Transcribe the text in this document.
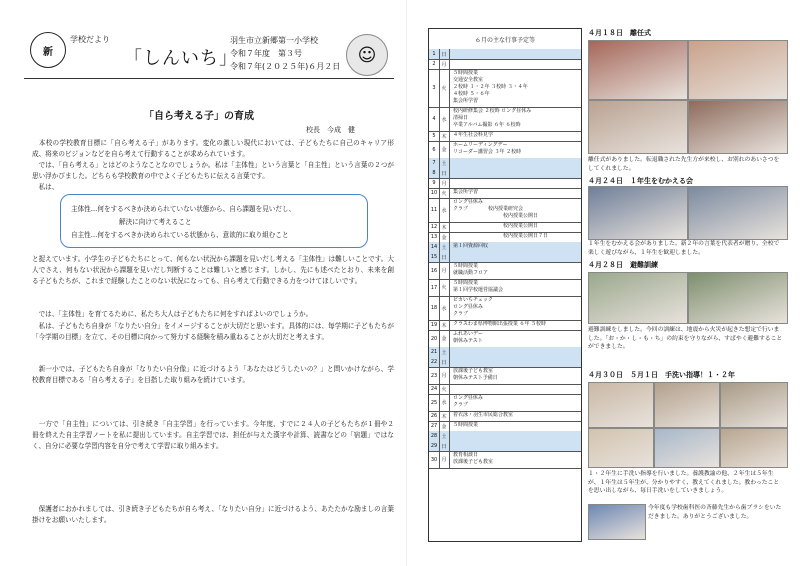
新
学校だより
「しんいち」
羽生市立新郷第一小学校
令和７年度　第３号
令和７年(２０２５年)６月２日
☺
「自ら考える子」の育成
校長　今成　健
　本校の学校教育目標に「自ら考える子」があります。変化の激しい現代においては、子どもたちに自己のキャリア形成、将来のビジョンなどを自ら考えて行動することが求められています。
　では、「自ら考える」とはどのようなことなのでしょうか。私は「主体性」という言葉と「自主性」という言葉の２つが思い浮かびました。どちらも学校教育の中でよく子どもたちに伝える言葉です。
　私は、
主体性…何をするべきか決められていない状態から、自ら課題を見いだし、
解決に向けて考えること
自主性…何をするべきか決められている状態から、意欲的に取り組むこと
と捉えています。小学生の子どもたちにとって、何もない状況から課題を見いだし考える「主体性」は難しいことです。大人でさえ、何もない状況から課題を見いだし判断することは難しいと感じます。しかし、先にも述べたとおり、未来を創る子どもたちが、これまで経験したことのない状況になっても、自ら考えて行動できる力をつけてほしいです。
　では、「主体性」を育てるために、私たち大人は子どもたちに何をすればよいのでしょうか。
　私は、子どもたち自身が「なりたい自分」をイメージすることが大切だと思います。具体的には、毎学期に子どもたちが「今学期の目標」を立て、その目標に向かって努力する経験を積み重ねることが大切だと考えます。
　新一小では、子どもたち自身が「なりたい自分像」に近づけるよう「あなたはどうしたいの？」と問いかけながら、学校教育目標である「自ら考える子」を目指した取り組みを続けています。
　一方で「自主性」については、引き続き「自主学習」を行っています。今年度、すでに２４人の子どもたちが１冊や２冊を終えた自主学習ノートを私に提出しています。自主学習では、担任が与えた漢字や計算、読書などの「宿題」ではなく、自分に必要な学習内容を自分で考えて学習に取り組みます。
　保護者におかれましては、引き続き子どもたちが自ら考え、「なりたい自分」に近づけるよう、あたたかな励ましの言葉掛けをお願いいたします。
６月の主な行事予定等
1	日
2	月
3	火
５時間授業
交通安全教室
２校時 １・２年 ３校時 ３・４年
４校時 ５・６年
集会所学習
4	水
校内研修集会 ２校時 ロング昼休み
清掃日
卒業アルバム撮影 ６年 ６校時
5	木	４年生社会科見学
6	金
ホームリーディングデー
リコーダー講習会 ３年 ２校時
7	土
8	日
9	月
10 火	集会所学習
11 水
ロング昼休み
クラブ　　　　校内授業研究会
　　　　　　　　　　校内授業公開日
12 木	　　　　　　　　　　校内授業公開日
13 金	　　　　　　　　　　校内授業公開日７日
14 土	第１回資源回収
15 日
16 月
５時間授業
就職活動フロア
17 火
５時間授業
第１回学校運営協議会
18 水
ピカいちチェック
ロング昼休み
クラブ
19 木	クラスわま県博物館出張授業 ６年 ５校時
20 金
ふれあいデー
朝休みテスト
21 土
22 日
23 月
放課後子ども教室
朝休みテスト予備日
24 火
25 水
ロング昼休み
クラブ
26 木	着衣泳・羽生市民総合教室
27 金	５時間授業
28 土
29 日
30 月
教育相談日
放課後子ども教室
４月１８日　離任式
離任式がありました。転退職された先生方が来校し、お別れのあいさつをしてくれました。
４月２４日　１年生をむかえる会
１年生をむかえる会がありました。新２年の言葉を代表者が贈り、全校で楽しく遊びながら、１年生を歓迎しました。
４月２８日　避難訓練
避難訓練をしました。今回の訓練は、地震から火災が起きた想定で行いました。「お・か・し・も・ち」の約束を守りながら、すばやく避難することができました。
４月３０日　５月１日　手洗い指導！１・２年
１・２年生に手洗い指導を行いました。養護教諭の他、２年生は５年生が、１年生は５年生が、分かりやすく、教えてくれました。教わったことを思い出しながら、毎日手洗いをしていきましょう。
今年度も学校歯科医の斉藤先生から歯ブラシをいただきました。ありがとうございました。
